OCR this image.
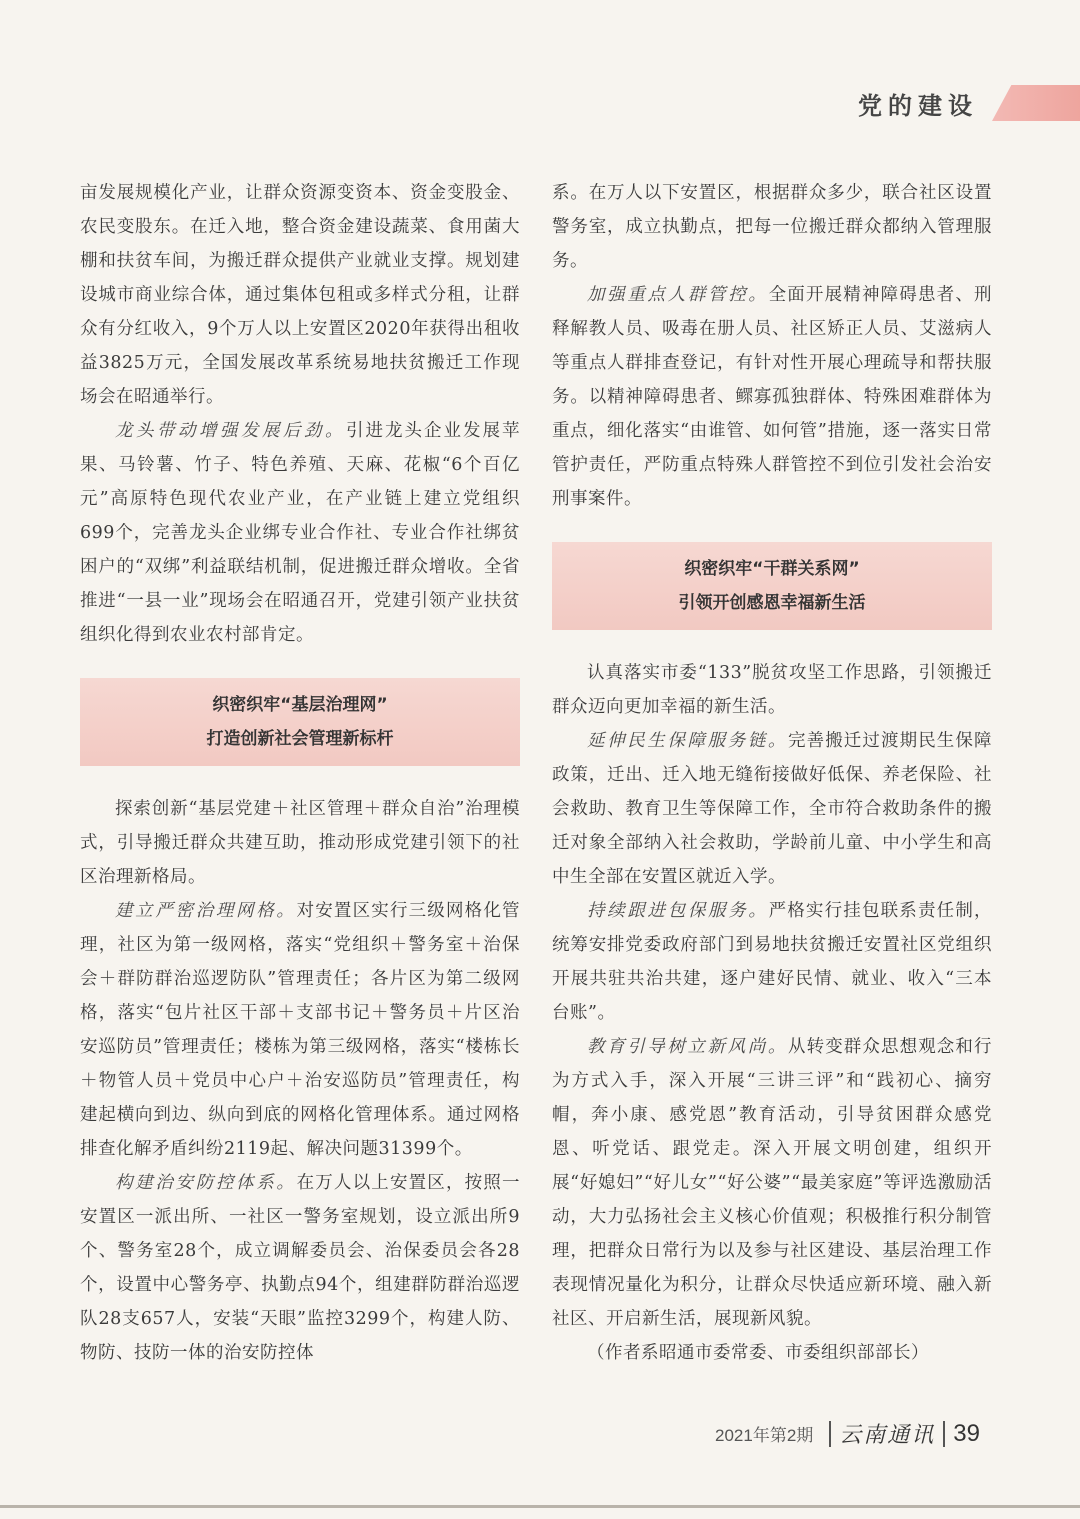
党的建设

亩发展规模化产业，让群众资源变资本、资金变股金、农民变股东。在迁入地，整合资金建设蔬菜、食用菌大棚和扶贫车间，为搬迁群众提供产业就业支撑。规划建设城市商业综合体，通过集体包租或多样式分租，让群众有分红收入，9个万人以上安置区2020年获得出租收益3825万元，全国发展改革系统易地扶贫搬迁工作现场会在昭通举行。

龙头带动增强发展后劲。引进龙头企业发展苹果、马铃薯、竹子、特色养殖、天麻、花椒“6个百亿元”高原特色现代农业产业，在产业链上建立党组织699个，完善龙头企业绑专业合作社、专业合作社绑贫困户的“双绑”利益联结机制，促进搬迁群众增收。全省推进“一县一业”现场会在昭通召开，党建引领产业扶贫组织化得到农业农村部肯定。

织密织牢“基层治理网”
打造创新社会管理新标杆

探索创新“基层党建＋社区管理＋群众自治”治理模式，引导搬迁群众共建互助，推动形成党建引领下的社区治理新格局。

建立严密治理网格。对安置区实行三级网格化管理，社区为第一级网格，落实“党组织＋警务室＋治保会＋群防群治巡逻防队”管理责任；各片区为第二级网格，落实“包片社区干部＋支部书记＋警务员＋片区治安巡防员”管理责任；楼栋为第三级网格，落实“楼栋长＋物管人员＋党员中心户＋治安巡防员”管理责任，构建起横向到边、纵向到底的网格化管理体系。通过网格排查化解矛盾纠纷2119起、解决问题31399个。

构建治安防控体系。在万人以上安置区，按照一安置区一派出所、一社区一警务室规划，设立派出所9个、警务室28个，成立调解委员会、治保委员会各28个，设置中心警务亭、执勤点94个，组建群防群治巡逻队28支657人，安装“天眼”监控3299个，构建人防、物防、技防一体的治安防控体

系。在万人以下安置区，根据群众多少，联合社区设置警务室，成立执勤点，把每一位搬迁群众都纳入管理服务。

加强重点人群管控。全面开展精神障碍患者、刑释解教人员、吸毒在册人员、社区矫正人员、艾滋病人等重点人群排查登记，有针对性开展心理疏导和帮扶服务。以精神障碍患者、鳏寡孤独群体、特殊困难群体为重点，细化落实“由谁管、如何管”措施，逐一落实日常管护责任，严防重点特殊人群管控不到位引发社会治安刑事案件。

织密织牢“干群关系网”
引领开创感恩幸福新生活

认真落实市委“133”脱贫攻坚工作思路，引领搬迁群众迈向更加幸福的新生活。

延伸民生保障服务链。完善搬迁过渡期民生保障政策，迁出、迁入地无缝衔接做好低保、养老保险、社会救助、教育卫生等保障工作，全市符合救助条件的搬迁对象全部纳入社会救助，学龄前儿童、中小学生和高中生全部在安置区就近入学。

持续跟进包保服务。严格实行挂包联系责任制，统筹安排党委政府部门到易地扶贫搬迁安置社区党组织开展共驻共治共建，逐户建好民情、就业、收入“三本台账”。

教育引导树立新风尚。从转变群众思想观念和行为方式入手，深入开展“三讲三评”和“践初心、摘穷帽，奔小康、感党恩”教育活动，引导贫困群众感党恩、听党话、跟党走。深入开展文明创建，组织开展“好媳妇”“好儿女”“好公婆”“最美家庭”等评选激励活动，大力弘扬社会主义核心价值观；积极推行积分制管理，把群众日常行为以及参与社区建设、基层治理工作表现情况量化为积分，让群众尽快适应新环境、融入新社区、开启新生活，展现新风貌。

（作者系昭通市委常委、市委组织部部长）

2021年第2期 云南通讯 39
